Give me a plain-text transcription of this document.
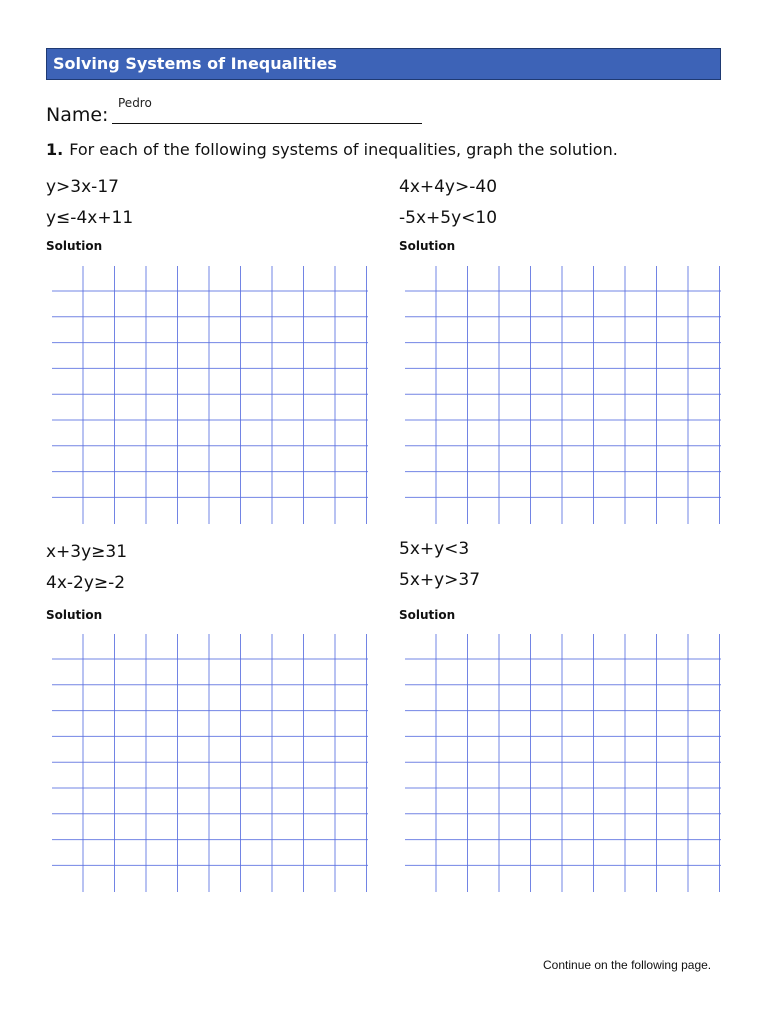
Solving Systems of Inequalities
Name:
Pedro
1. For each of the following systems of inequalities, graph the solution.
y>3x-17
y≤-4x+11
Solution
4x+4y>-40
-5x+5y<10
Solution
x+3y≥31
4x-2y≥-2
Solution
5x+y<3
5x+y>37
Solution
Continue on the following page.
